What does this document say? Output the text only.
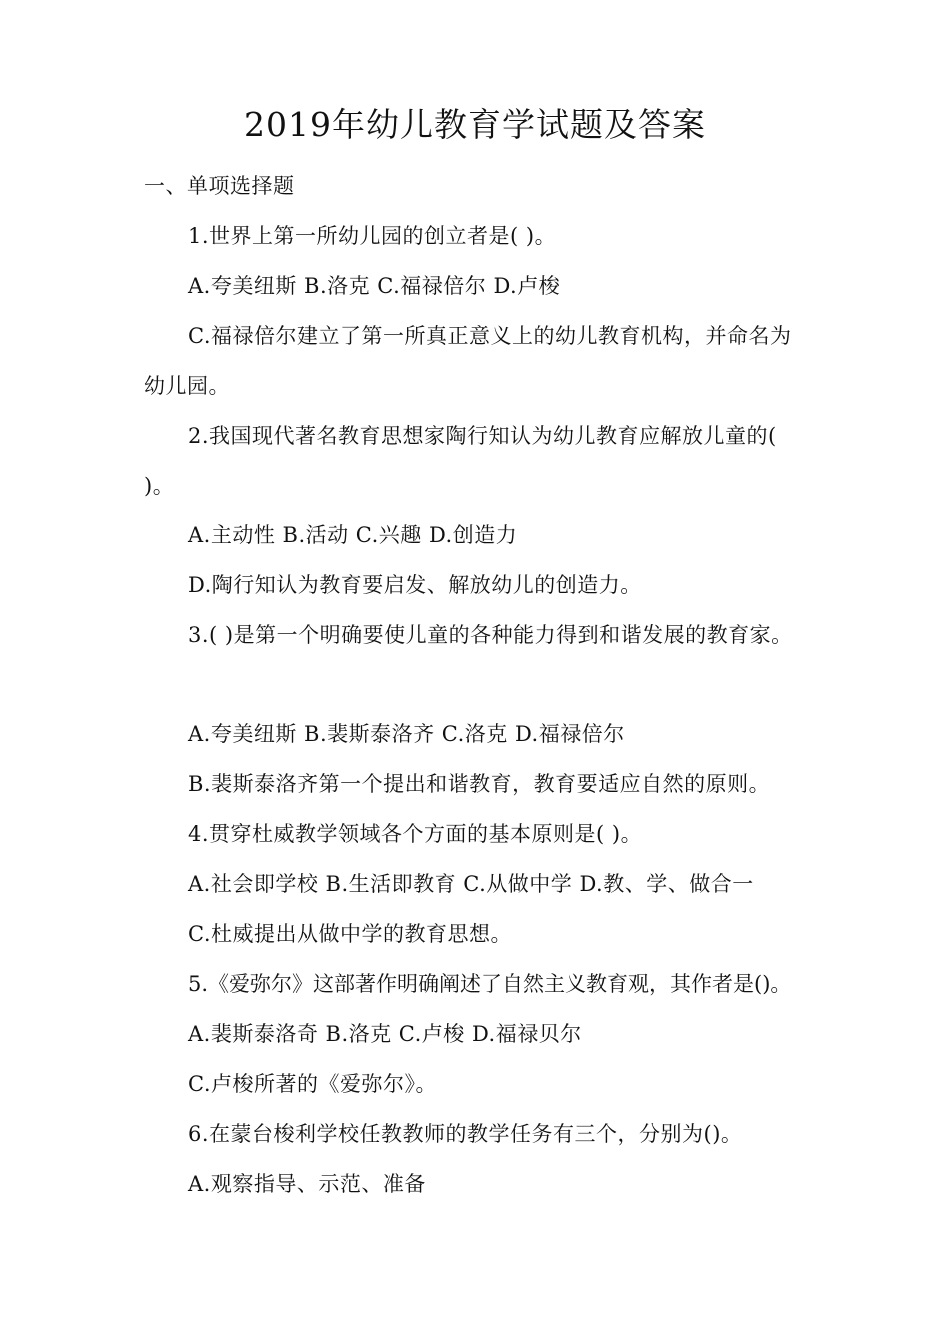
2019年幼儿教育学试题及答案
一、单项选择题
1.世界上第一所幼儿园的创立者是( )。
A.夸美纽斯 B.洛克 C.福禄倍尔 D.卢梭
C.福禄倍尔建立了第一所真正意义上的幼儿教育机构，并命名为幼儿园。
2.我国现代著名教育思想家陶行知认为幼儿教育应解放儿童的( )。
A.主动性 B.活动 C.兴趣 D.创造力
D.陶行知认为教育要启发、解放幼儿的创造力。
3.( )是第一个明确要使儿童的各种能力得到和谐发展的教育家。
A.夸美纽斯 B.裴斯泰洛齐 C.洛克 D.福禄倍尔
B.裴斯泰洛齐第一个提出和谐教育，教育要适应自然的原则。
4.贯穿杜威教学领域各个方面的基本原则是( )。
A.社会即学校 B.生活即教育 C.从做中学 D.教、学、做合一
C.杜威提出从做中学的教育思想。
5.《爱弥尔》这部著作明确阐述了自然主义教育观，其作者是()。
A.裴斯泰洛奇 B.洛克 C.卢梭 D.福禄贝尔
C.卢梭所著的《爱弥尔》。
6.在蒙台梭利学校任教教师的教学任务有三个，分别为()。
A.观察指导、示范、准备
